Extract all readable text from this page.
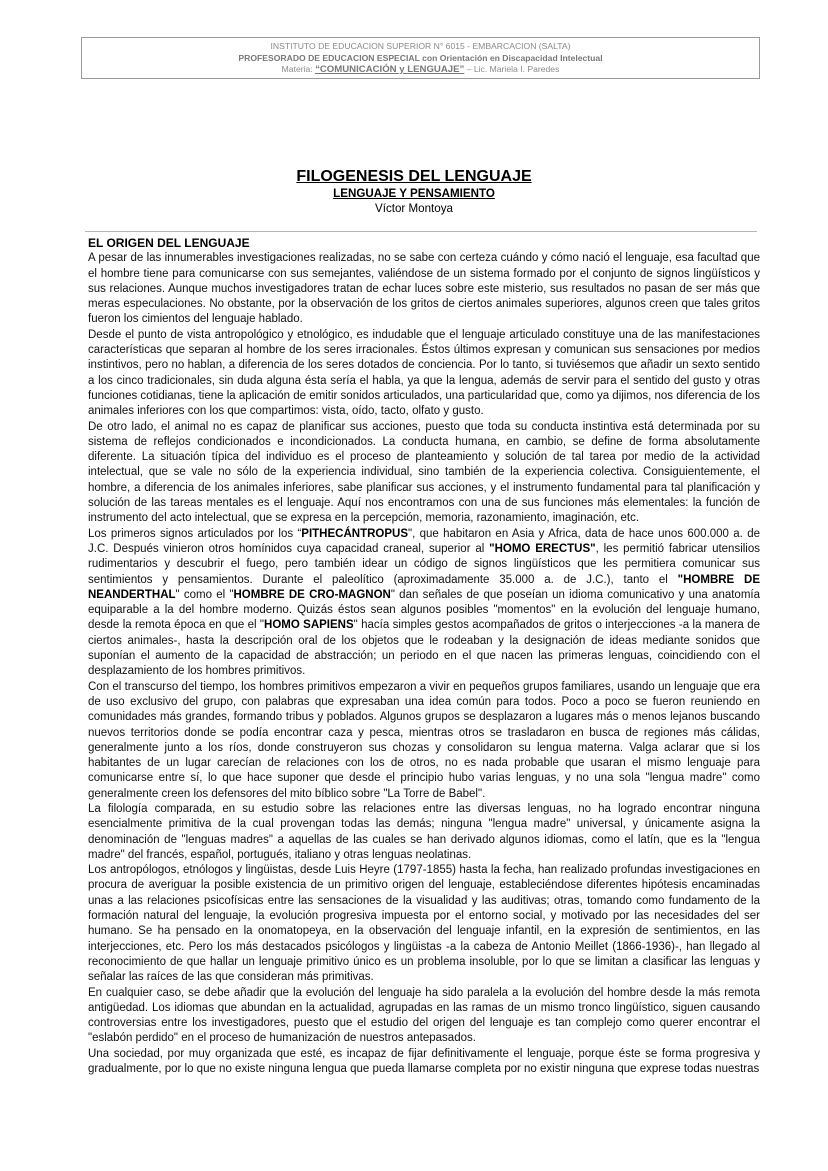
INSTITUTO DE EDUCACION SUPERIOR N° 6015 - EMBARCACION (SALTA)
PROFESORADO DE EDUCACION ESPECIAL con Orientación en Discapacidad Intelectual
Materia: “COMUNICACIÓN y LENGUAJE” – Lic. Mariela I. Paredes

FILOGENESIS DEL LENGUAJE

LENGUAJE Y PENSAMIENTO

Víctor Montoya

EL ORIGEN DEL LENGUAJE

A pesar de las innumerables investigaciones realizadas, no se sabe con certeza cuándo y cómo nació el lenguaje, esa facultad que el hombre tiene para comunicarse con sus semejantes, valiéndose de un sistema formado por el conjunto de signos lingüísticos y sus relaciones. Aunque muchos investigadores tratan de echar luces sobre este misterio, sus resultados no pasan de ser más que meras especulaciones. No obstante, por la observación de los gritos de ciertos animales superiores, algunos creen que tales gritos fueron los cimientos del lenguaje hablado.

Desde el punto de vista antropológico y etnológico, es indudable que el lenguaje articulado constituye una de las manifestaciones características que separan al hombre de los seres irracionales. Éstos últimos expresan y comunican sus sensaciones por medios instintivos, pero no hablan, a diferencia de los seres dotados de conciencia. Por lo tanto, si tuviésemos que añadir un sexto sentido a los cinco tradicionales, sin duda alguna ésta sería el habla, ya que la lengua, además de servir para el sentido del gusto y otras funciones cotidianas, tiene la aplicación de emitir sonidos articulados, una particularidad que, como ya dijimos, nos diferencia de los animales inferiores con los que compartimos: vista, oído, tacto, olfato y gusto.

De otro lado, el animal no es capaz de planificar sus acciones, puesto que toda su conducta instintiva está determinada por su sistema de reflejos condicionados e incondicionados. La conducta humana, en cambio, se define de forma absolutamente diferente. La situación típica del individuo es el proceso de planteamiento y solución de tal tarea por medio de la actividad intelectual, que se vale no sólo de la experiencia individual, sino también de la experiencia colectiva. Consiguientemente, el hombre, a diferencia de los animales inferiores, sabe planificar sus acciones, y el instrumento fundamental para tal planificación y solución de las tareas mentales es el lenguaje. Aquí nos encontramos con una de sus funciones más elementales: la función de instrumento del acto intelectual, que se expresa en la percepción, memoria, razonamiento, imaginación, etc.

Los primeros signos articulados por los “PITHECÁNTROPUS", que habitaron en Asia y Africa, data de hace unos 600.000 a. de J.C. Después vinieron otros homínidos cuya capacidad craneal, superior al "HOMO ERECTUS", les permitió fabricar utensilios rudimentarios y descubrir el fuego, pero también idear un código de signos lingüísticos que les permitiera comunicar sus sentimientos y pensamientos. Durante el paleolítico (aproximadamente 35.000 a. de J.C.), tanto el "HOMBRE DE NEANDERTHAL" como el "HOMBRE DE CRO-MAGNON" dan señales de que poseían un idioma comunicativo y una anatomía equiparable a la del hombre moderno. Quizás éstos sean algunos posibles "momentos" en la evolución del lenguaje humano, desde la remota época en que el "HOMO SAPIENS" hacía simples gestos acompañados de gritos o interjecciones -a la manera de ciertos animales-, hasta la descripción oral de los objetos que le rodeaban y la designación de ideas mediante sonidos que suponían el aumento de la capacidad de abstracción; un periodo en el que nacen las primeras lenguas, coincidiendo con el desplazamiento de los hombres primitivos.

Con el transcurso del tiempo, los hombres primitivos empezaron a vivir en pequeños grupos familiares, usando un lenguaje que era de uso exclusivo del grupo, con palabras que expresaban una idea común para todos. Poco a poco se fueron reuniendo en comunidades más grandes, formando tribus y poblados. Algunos grupos se desplazaron a lugares más o menos lejanos buscando nuevos territorios donde se podía encontrar caza y pesca, mientras otros se trasladaron en busca de regiones más cálidas, generalmente junto a los ríos, donde construyeron sus chozas y consolidaron su lengua materna. Valga aclarar que si los habitantes de un lugar carecían de relaciones con los de otros, no es nada probable que usaran el mismo lenguaje para comunicarse entre sí, lo que hace suponer que desde el principio hubo varias lenguas, y no una sola "lengua madre" como generalmente creen los defensores del mito bíblico sobre "La Torre de Babel".

La filología comparada, en su estudio sobre las relaciones entre las diversas lenguas, no ha logrado encontrar ninguna esencialmente primitiva de la cual provengan todas las demás; ninguna "lengua madre" universal, y únicamente asigna la denominación de "lenguas madres" a aquellas de las cuales se han derivado algunos idiomas, como el latín, que es la "lengua madre" del francés, español, portugués, italiano y otras lenguas neolatinas.

Los antropólogos, etnólogos y lingüistas, desde Luis Heyre (1797-1855) hasta la fecha, han realizado profundas investigaciones en procura de averiguar la posible existencia de un primitivo origen del lenguaje, estableciéndose diferentes hipótesis encaminadas unas a las relaciones psicofísicas entre las sensaciones de la visualidad y las auditivas; otras, tomando como fundamento de la formación natural del lenguaje, la evolución progresiva impuesta por el entorno social, y motivado por las necesidades del ser humano. Se ha pensado en la onomatopeya, en la observación del lenguaje infantil, en la expresión de sentimientos, en las interjecciones, etc. Pero los más destacados psicólogos y lingüistas -a la cabeza de Antonio Meillet (1866-1936)-, han llegado al reconocimiento de que hallar un lenguaje primitivo único es un problema insoluble, por lo que se limitan a clasificar las lenguas y señalar las raíces de las que consideran más primitivas.

En cualquier caso, se debe añadir que la evolución del lenguaje ha sido paralela a la evolución del hombre desde la más remota antigüedad. Los idiomas que abundan en la actualidad, agrupadas en las ramas de un mismo tronco lingüístico, siguen causando controversias entre los investigadores, puesto que el estudio del origen del lenguaje es tan complejo como querer encontrar el "eslabón perdido" en el proceso de humanización de nuestros antepasados.

Una sociedad, por muy organizada que esté, es incapaz de fijar definitivamente el lenguaje, porque éste se forma progresiva y gradualmente, por lo que no existe ninguna lengua que pueda llamarse completa por no existir ninguna que exprese todas nuestras
